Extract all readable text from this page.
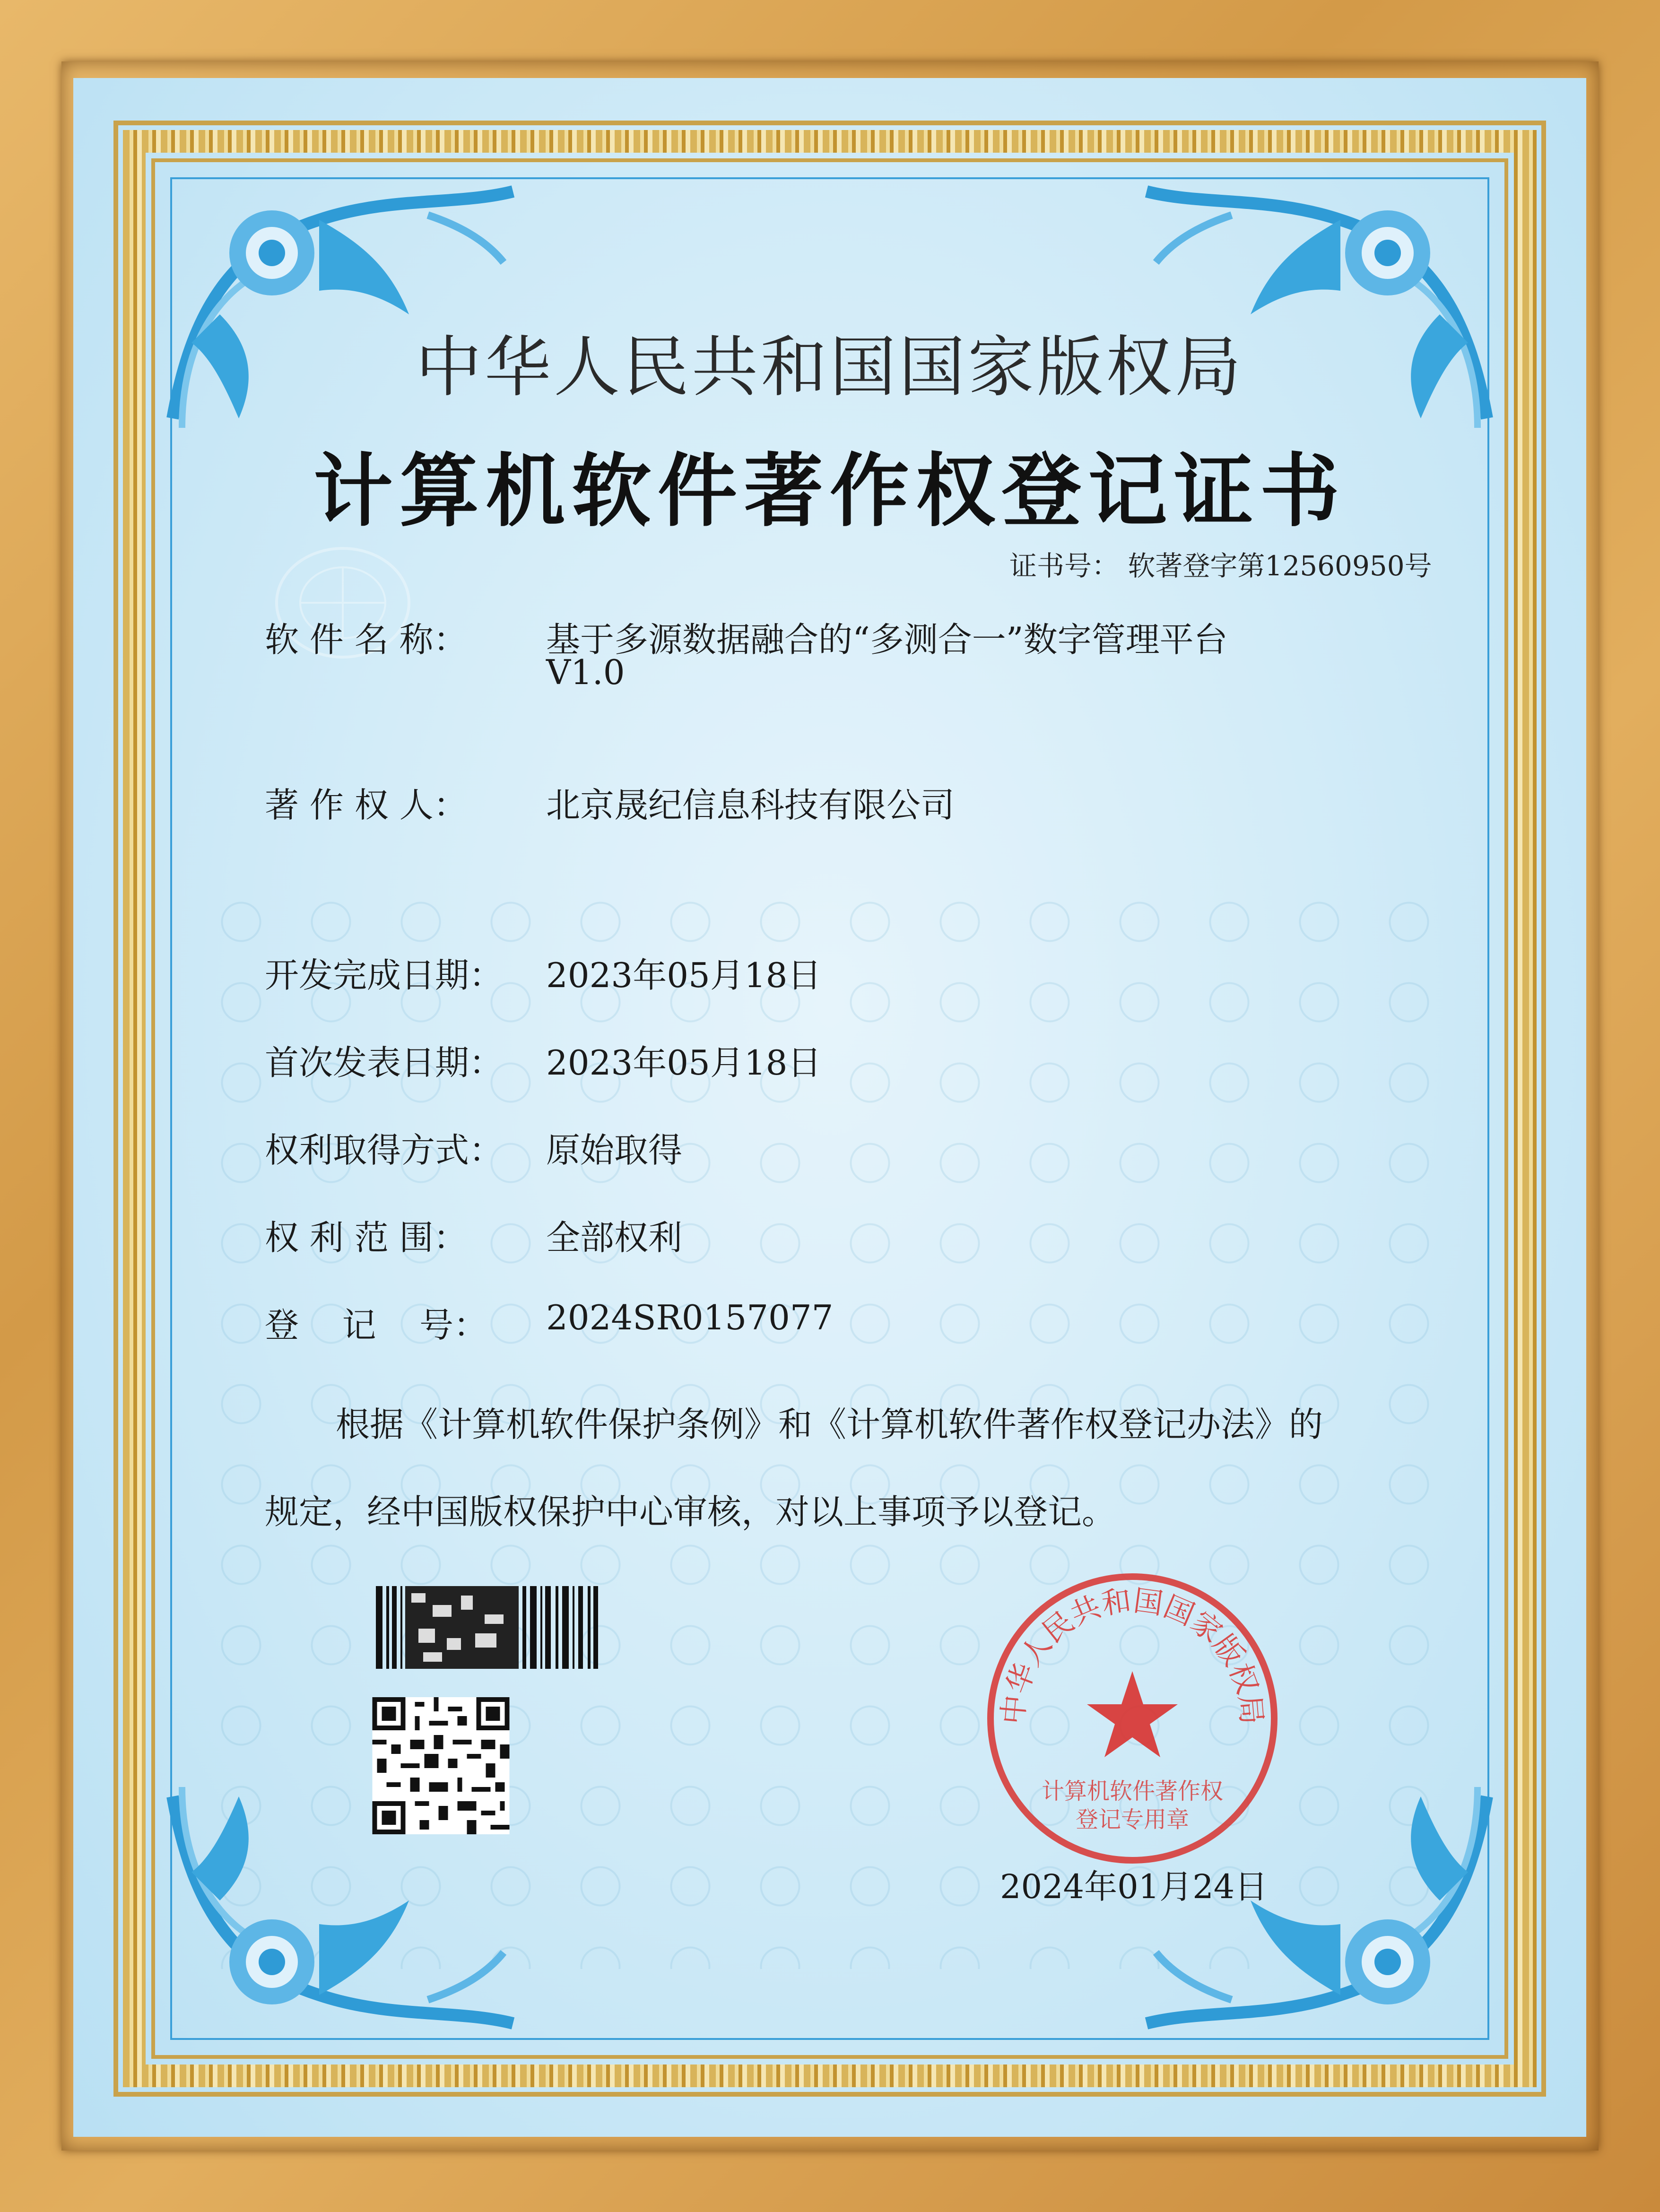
中华人民共和国国家版权局
计算机软件著作权登记证书
证书号： 软著登字第12560950号
软 件 名 称： 基于多源数据融合的“多测合一”数字管理平台
V1.0
著 作 权 人： 北京晟纪信息科技有限公司
开发完成日期： 2023年05月18日
首次发表日期： 2023年05月18日
权利取得方式： 原始取得
权 利 范 围： 全部权利
登    记    号： 2024SR0157077
根据《计算机软件保护条例》和《计算机软件著作权登记办法》的
规定，经中国版权保护中心审核，对以上事项予以登记。
中华人民共和国国家版权局
计算机软件著作权
登记专用章
2024年01月24日
